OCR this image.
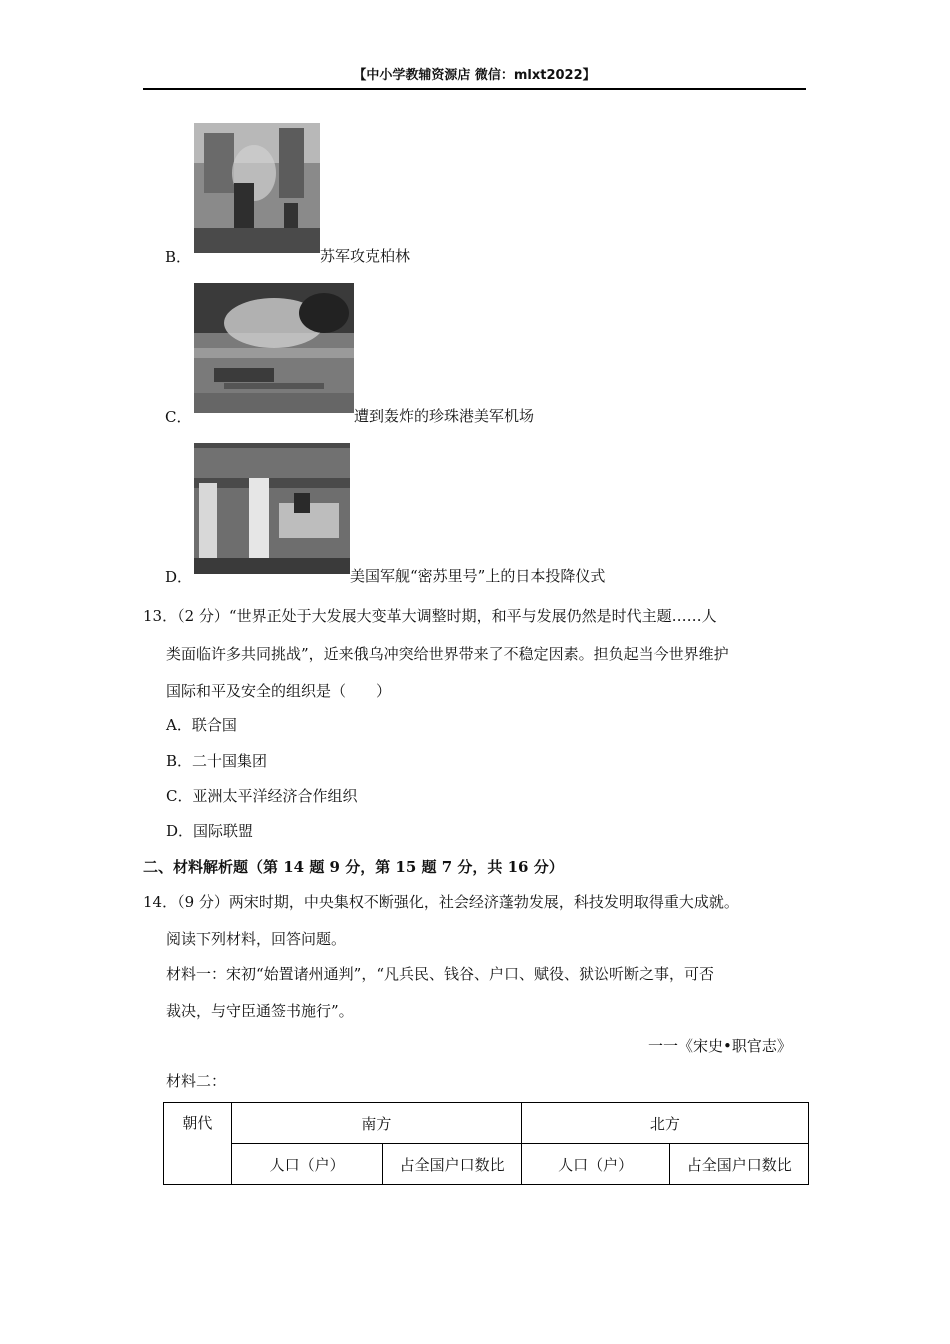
【中小学教辅资源店 微信：mlxt2022】
B．	苏军攻克柏林
C．	遭到轰炸的珍珠港美军机场
D．	美国军舰“密苏里号”上的日本投降仪式
13．（2 分）“世界正处于大发展大变革大调整时期，和平与发展仍然是时代主题……人
类面临许多共同挑战”，近来俄乌冲突给世界带来了不稳定因素。担负起当今世界维护
国际和平及安全的组织是（　　）
A．联合国
B．二十国集团
C．亚洲太平洋经济合作组织
D．国际联盟
二、材料解析题（第 14 题 9 分，第 15 题 7 分，共 16 分）
14．（9 分）两宋时期，中央集权不断强化，社会经济蓬勃发展，科技发明取得重大成就。
阅读下列材料，回答问题。
材料一：宋初“始置诸州通判”，“凡兵民、钱谷、户口、赋役、狱讼听断之事，可否
裁决，与守臣通签书施行”。
一一《宋史•职官志》
材料二：
朝代	南方		北方	
	人口（户）	占全国户口数比	人口（户）	占全国户口数比
